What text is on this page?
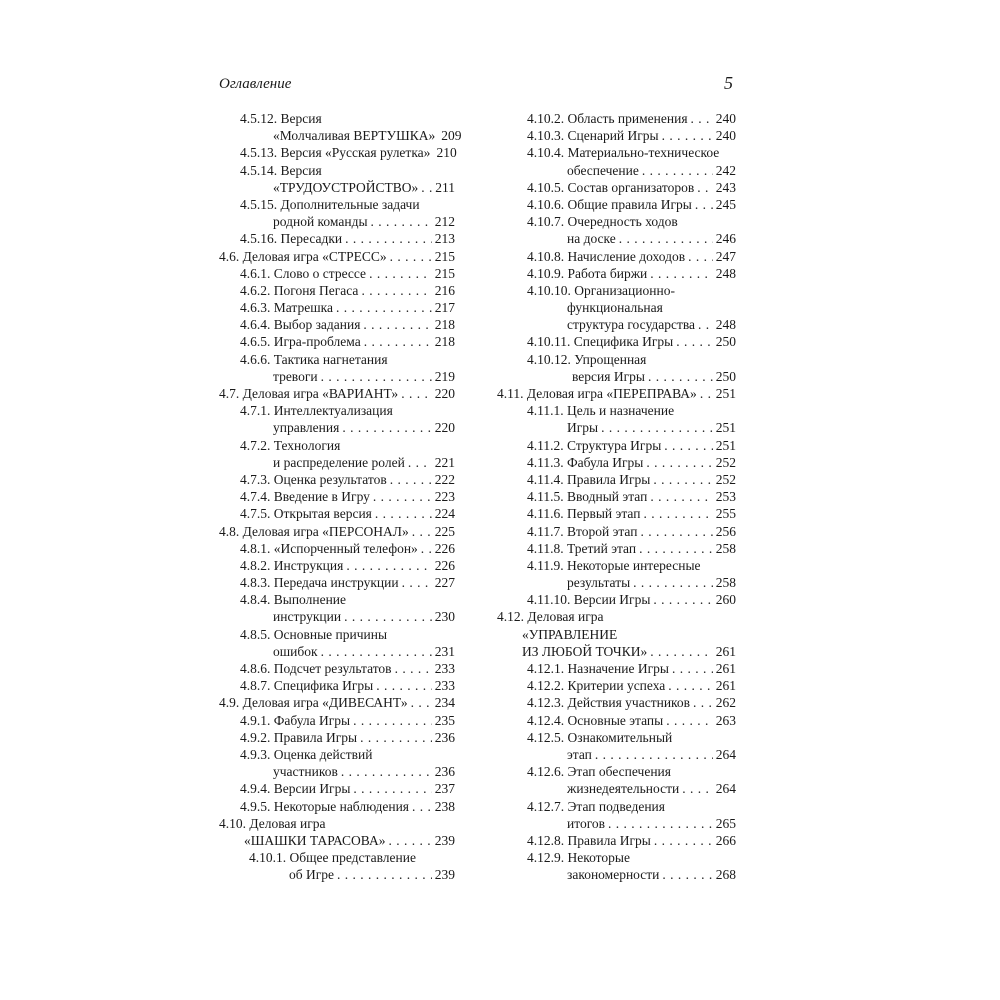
Оглавление	5
4.5.12. Версия
«Молчаливая ВЕРТУШКА» 209
4.5.13. Версия «Русская рулетка» 210
4.5.14. Версия
«ТРУДОУСТРОЙСТВО» . . . 211
4.5.15. Дополнительные задачи
родной команды . . .	212
4.5.16. Пересадки . . .	213
4.6. Деловая игра «СТРЕСС» . . .	215
4.6.1. Слово о стрессе . . .	215
4.6.2. Погоня Пегаса . . .	216
4.6.3. Матрешка . . .	217
4.6.4. Выбор задания . . .	218
4.6.5. Игра-проблема . . .	218
4.6.6. Тактика нагнетания
тревоги . . .	219
4.7. Деловая игра «ВАРИАНТ» . . .	220
4.7.1. Интеллектуализация
управления . . .	220
4.7.2. Технология
и распределение ролей . . . 221
4.7.3. Оценка результатов . . .	222
4.7.4. Введение в Игру . . .	223
4.7.5. Открытая версия . . .	224
4.8. Деловая игра «ПЕРСОНАЛ» . . . 225
4.8.1. «Испорченный телефон» . . . 226
4.8.2. Инструкция . . .	226
4.8.3. Передача инструкции . . .	227
4.8.4. Выполнение
инструкции . . .	230
4.8.5. Основные причины
ошибок . . .	231
4.8.6. Подсчет результатов . . .	233
4.8.7. Специфика Игры . . .	233
4.9. Деловая игра «ДИВЕСАНТ» . . . 234
4.9.1. Фабула Игры . . .	235
4.9.2. Правила Игры . . .	236
4.9.3. Оценка действий
участников . . .	236
4.9.4. Версии Игры . . .	237
4.9.5. Некоторые наблюдения . . . 238
4.10. Деловая игра
«ШАШКИ ТАРАСОВА» . . .	239
4.10.1. Общее представление
об Игре . . .	239
4.10.2. Область применения . . . 240
4.10.3. Сценарий Игры . . .	240
4.10.4. Материально-техническое
обеспечение . . .	242
4.10.5. Состав организаторов . . . 243
4.10.6. Общие правила Игры . . . 245
4.10.7. Очередность ходов
на доске . . .	246
4.10.8. Начисление доходов . . . 247
4.10.9. Работа биржи . . .	248
4.10.10. Организационно-
функциональная
структура государства . . . 248
4.10.11. Специфика Игры . . .	250
4.10.12. Упрощенная
версия Игры . . .	250
4.11. Деловая игра «ПЕРЕПРАВА» . . . 251
4.11.1. Цель и назначение
Игры . . .	251
4.11.2. Структура Игры . . .	251
4.11.3. Фабула Игры . . .	252
4.11.4. Правила Игры . . .	252
4.11.5. Вводный этап . . .	253
4.11.6. Первый этап . . .	255
4.11.7. Второй этап . . .	256
4.11.8. Третий этап . . .	258
4.11.9. Некоторые интересные
результаты . . .	258
4.11.10. Версии Игры . . .	260
4.12. Деловая игра
«УПРАВЛЕНИЕ
ИЗ ЛЮБОЙ ТОЧКИ» . . .	261
4.12.1. Назначение Игры . . .	261
4.12.2. Критерии успеха . . .	261
4.12.3. Действия участников . . . 262
4.12.4. Основные этапы . . .	263
4.12.5. Ознакомительный
этап . . .	264
4.12.6. Этап обеспечения
жизнедеятельности . . .	264
4.12.7. Этап подведения
итогов . . .	265
4.12.8. Правила Игры . . .	266
4.12.9. Некоторые
закономерности . . .	268
